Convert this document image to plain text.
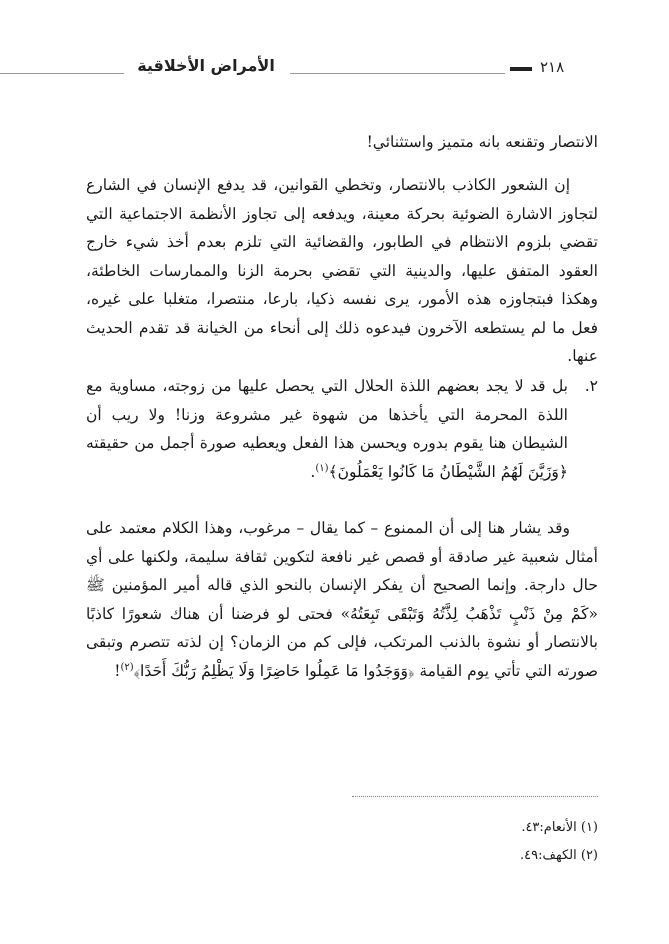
الأمراض الأخلاقية	٢١٨

الانتصار وتقنعه بانه متميز واستثنائي!

إن الشعور الكاذب بالانتصار، وتخطي القوانين، قد يدفع الإنسان في الشارع لتجاوز الاشارة الضوئية بحركة معينة، ويدفعه إلى تجاوز الأنظمة الاجتماعية التي تقضي بلزوم الانتظام في الطابور، والقضائية التي تلزم بعدم أخذ شيء خارج العقود المتفق عليها، والدينية التي تقضي بحرمة الزنا والممارسات الخاطئة، وهكذا فبتجاوزه هذه الأمور، يرى نفسه ذكيا، بارعا، منتصرا، متغلبا على غيره، فعل ما لم يستطعه الآخرون فيدعوه ذلك إلى أنحاء من الخيانة قد تقدم الحديث عنها.

٢.

بل قد لا يجد بعضهم اللذة الحلال التي يحصل عليها من زوجته، مساوية مع اللذة المحرمة التي يأخذها من شهوة غير مشروعة وزنا! ولا ريب أن الشيطان هنا يقوم بدوره ويحسن هذا الفعل ويعطيه صورة أجمل من حقيقته ﴿وَزَيَّنَ لَهُمُ الشَّيْطَانُ مَا كَانُوا يَعْمَلُونَ﴾$^{(١)}$.

وقد يشار هنا إلى أن الممنوع – كما يقال – مرغوب، وهذا الكلام معتمد على أمثال شعبية غير صادقة أو قصص غير نافعة لتكوين ثقافة سليمة، ولكنها على أي حال دارجة. وإنما الصحيح أن يفكر الإنسان بالنحو الذي قاله أمير المؤمنين ﷺ «كَمْ مِنْ ذَنْبٍ تَذْهَبُ لِذَّتُهُ وَتَبْقَى تَبِعَتُهُ» فحتى لو فرضنا أن هناك شعورًا كاذبًا بالانتصار أو نشوة بالذنب المرتكب، فإلى كم من الزمان؟ إن لذته تتصرم وتبقى صورته التي تأتي يوم القيامة ﴿وَوَجَدُوا مَا عَمِلُوا حَاضِرًا وَلَا يَظْلِمُ رَبُّكَ أَحَدًا﴾$^{(٢)}$!

(١) الأنعام:٤٣.
(٢) الكهف:٤٩.
